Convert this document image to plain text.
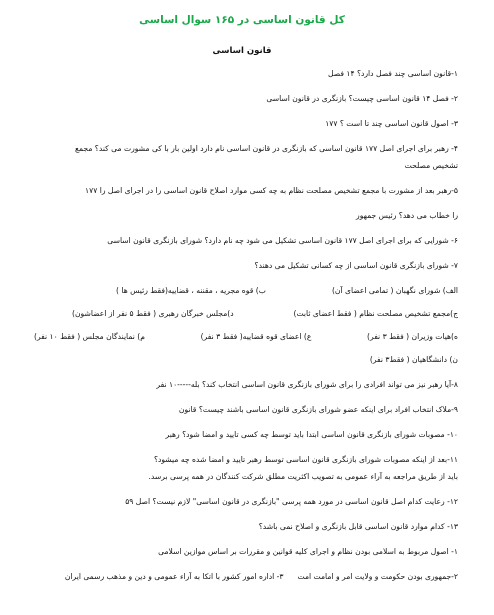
کل قانون اساسی در ۱۶۵ سوال اساسی
قانون اساسی
۱-قانون اساسی چند فصل دارد؟ ۱۴ فصل
۲- فصل ۱۴ قانون اساسی چیست؟ بازنگری در قانون اساسی
۳- اصول قانون اساسی چند تا است ؟ ۱۷۷
۴- رهبر برای اجرای اصل ۱۷۷ قانون اساسی که بازنگری در قانون اساسی نام دارد اولین بار با کی مشورت می کند؟ مجمع
تشخیص مصلحت
۵-رهبر بعد از مشورت با مجمع تشخیص مصلحت نظام به چه کسی موارد اصلاح قانون اساسی را در اجرای اصل را ۱۷۷
را خطاب می دهد؟ رئیس جمهور
۶- شورایی که برای اجرای اصل ۱۷۷ قانون اساسی تشکیل می شود چه نام دارد؟ شورای بازنگری قانون اساسی
۷- شورای بازنگری قانون اساسی از چه کسانی تشکیل می دهند؟
الف) شورای نگهبان ( تمامی اعضای آن)
ب) قوه مجریه ، مقننه ، قضاییه(فقط رئیس ها )
ج)مجمع تشخیص مصلحت نظام ( فقط اعضای ثابت)
د)مجلس خبرگان رهبری ( فقط ۵ نفر از اعضاشون)
ه)هیات وزیران ( فقط ۳ نفر)
ع) اعضای قوه قضاییه( فقط ۳ نفر)
م) نمایندگان مجلس ( فقط ۱۰ نفر)
ن) دانشگاهیان ( فقط۳ نفر)
۸-آیا رهبر نیز می تواند افرادی را برای شورای بازنگری قانون اساسی انتخاب کند؟ بله-----۱۰ نفر
۹-ملاک انتخاب افراد برای اینکه عضو شورای بازنگری قانون اساسی باشند چیست؟ قانون
۱۰- مصوبات شورای بازنگری قانون اساسی ابتدا باید توسط چه کسی تایید و امضا شود؟ رهبر
۱۱-بعد از اینکه مصوبات شورای بازنگری قانون اساسی توسط رهبر تایید و امضا شده چه میشود؟
باید از طریق مراجعه به آراء عمومی به تصویب اکثریت مطلق شرکت کنندگان در همه پرسی برسد.
۱۲- رعایت کدام اصل قانون اساسی در مورد همه پرسی "بازنگری در قانون اساسی" لازم نیست؟ اصل ۵۹
۱۳- کدام موارد قانون اساسی قابل بازنگری و اصلاح نمی باشد؟
۱- اصول مربوط به اسلامی بودن نظام و اجرای کلیه قوانین و مقررات بر اساس موازین اسلامی
۲-جمهوری بودن حکومت و ولایت امر و امامت امت
۳- اداره امور کشور با اتکا به آراء عمومی و دین و مذهب رسمی ایران
